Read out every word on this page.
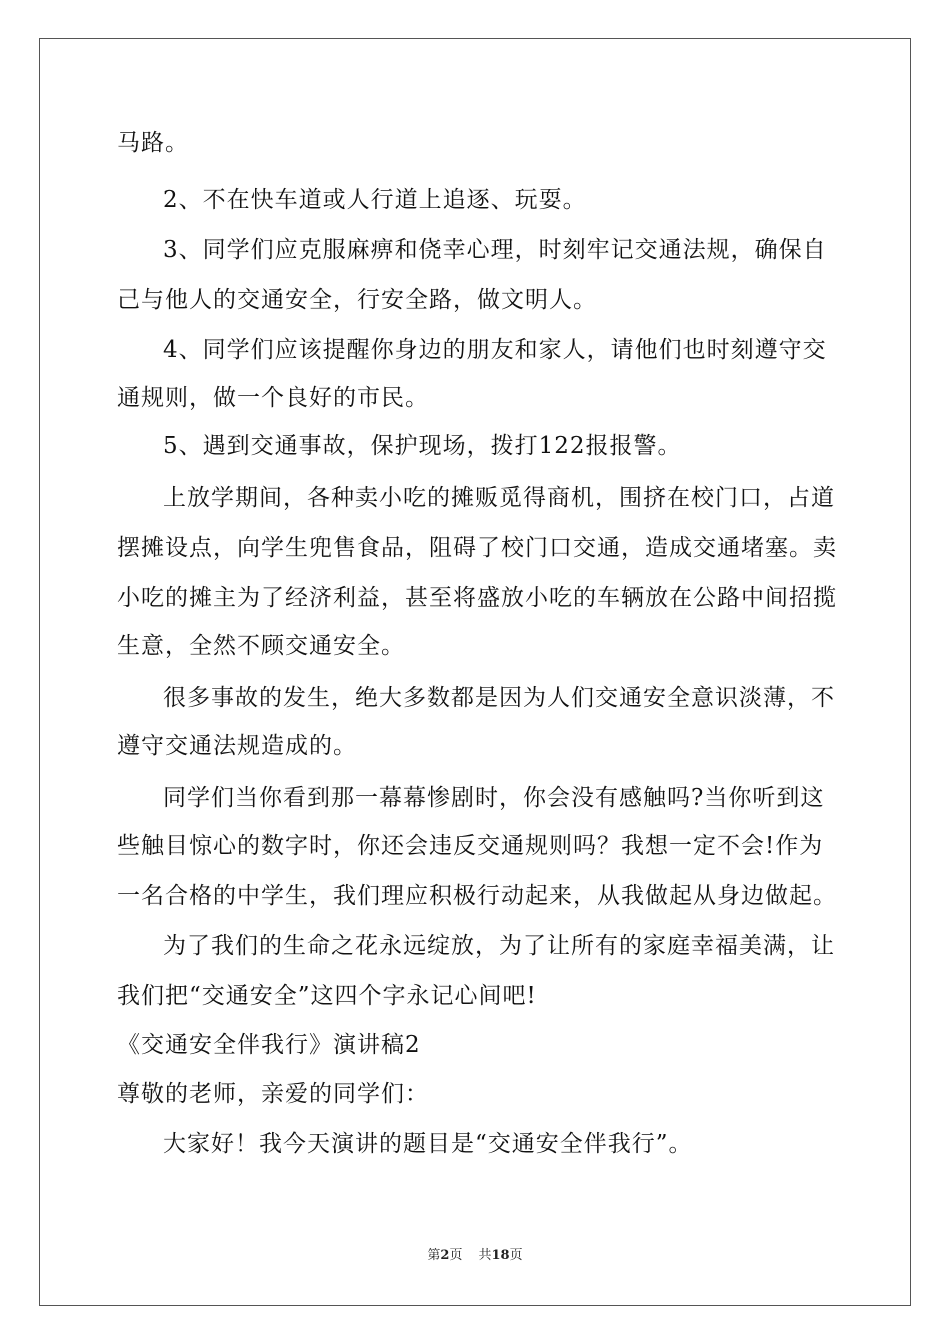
马路。
2、不在快车道或人行道上追逐、玩耍。
3、同学们应克服麻痹和侥幸心理，时刻牢记交通法规，确保自
己与他人的交通安全，行安全路，做文明人。
4、同学们应该提醒你身边的朋友和家人，请他们也时刻遵守交
通规则，做一个良好的市民。
5、遇到交通事故，保护现场，拨打122报报警。
上放学期间，各种卖小吃的摊贩觅得商机，围挤在校门口，占道
摆摊设点，向学生兜售食品，阻碍了校门口交通，造成交通堵塞。卖
小吃的摊主为了经济利益，甚至将盛放小吃的车辆放在公路中间招揽
生意，全然不顾交通安全。
很多事故的发生，绝大多数都是因为人们交通安全意识淡薄，不
遵守交通法规造成的。
同学们当你看到那一幕幕惨剧时，你会没有感触吗?当你听到这
些触目惊心的数字时，你还会违反交通规则吗？我想一定不会!作为
一名合格的中学生，我们理应积极行动起来，从我做起从身边做起。
为了我们的生命之花永远绽放，为了让所有的家庭幸福美满，让
我们把“交通安全”这四个字永记心间吧!
《交通安全伴我行》演讲稿2
尊敬的老师，亲爱的同学们：
大家好！我今天演讲的题目是“交通安全伴我行”。
第2页 共18页
